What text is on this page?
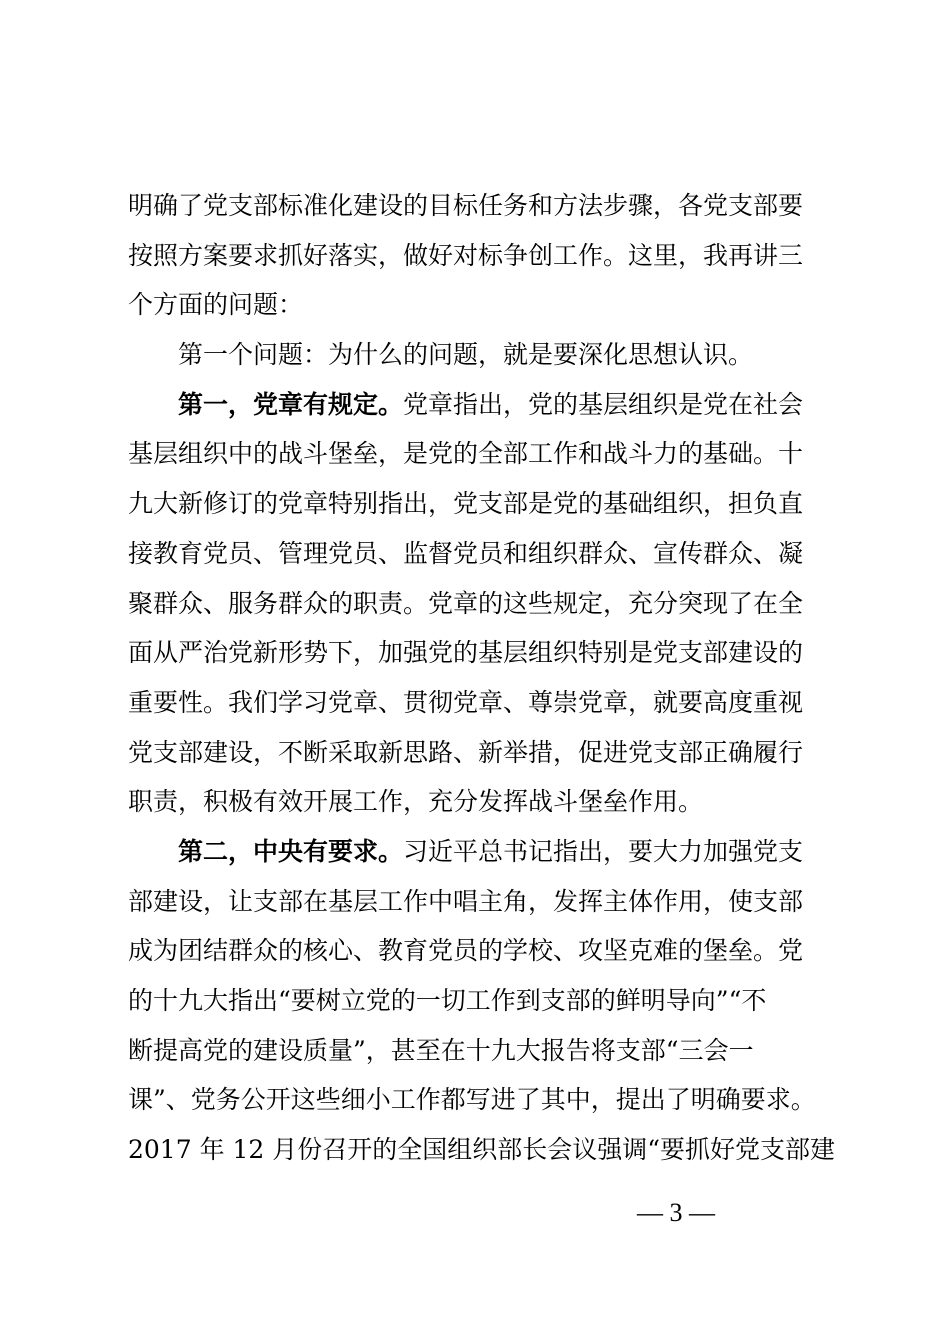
明确了党支部标准化建设的目标任务和方法步骤，各党支部要
按照方案要求抓好落实，做好对标争创工作。这里，我再讲三
个方面的问题：
第一个问题：为什么的问题，就是要深化思想认识。
第一，党章有规定。党章指出，党的基层组织是党在社会
基层组织中的战斗堡垒，是党的全部工作和战斗力的基础。十
九大新修订的党章特别指出，党支部是党的基础组织，担负直
接教育党员、管理党员、监督党员和组织群众、宣传群众、凝
聚群众、服务群众的职责。党章的这些规定，充分突现了在全
面从严治党新形势下，加强党的基层组织特别是党支部建设的
重要性。我们学习党章、贯彻党章、尊崇党章，就要高度重视
党支部建设，不断采取新思路、新举措，促进党支部正确履行
职责，积极有效开展工作，充分发挥战斗堡垒作用。
第二，中央有要求。习近平总书记指出，要大力加强党支
部建设，让支部在基层工作中唱主角，发挥主体作用，使支部
成为团结群众的核心、教育党员的学校、攻坚克难的堡垒。党
的十九大指出“要树立党的一切工作到支部的鲜明导向”“不
断提高党的建设质量”，甚至在十九大报告将支部“三会一
课”、党务公开这些细小工作都写进了其中，提出了明确要求。
2017 年 12 月份召开的全国组织部长会议强调“要抓好党支部建
— 3 —
